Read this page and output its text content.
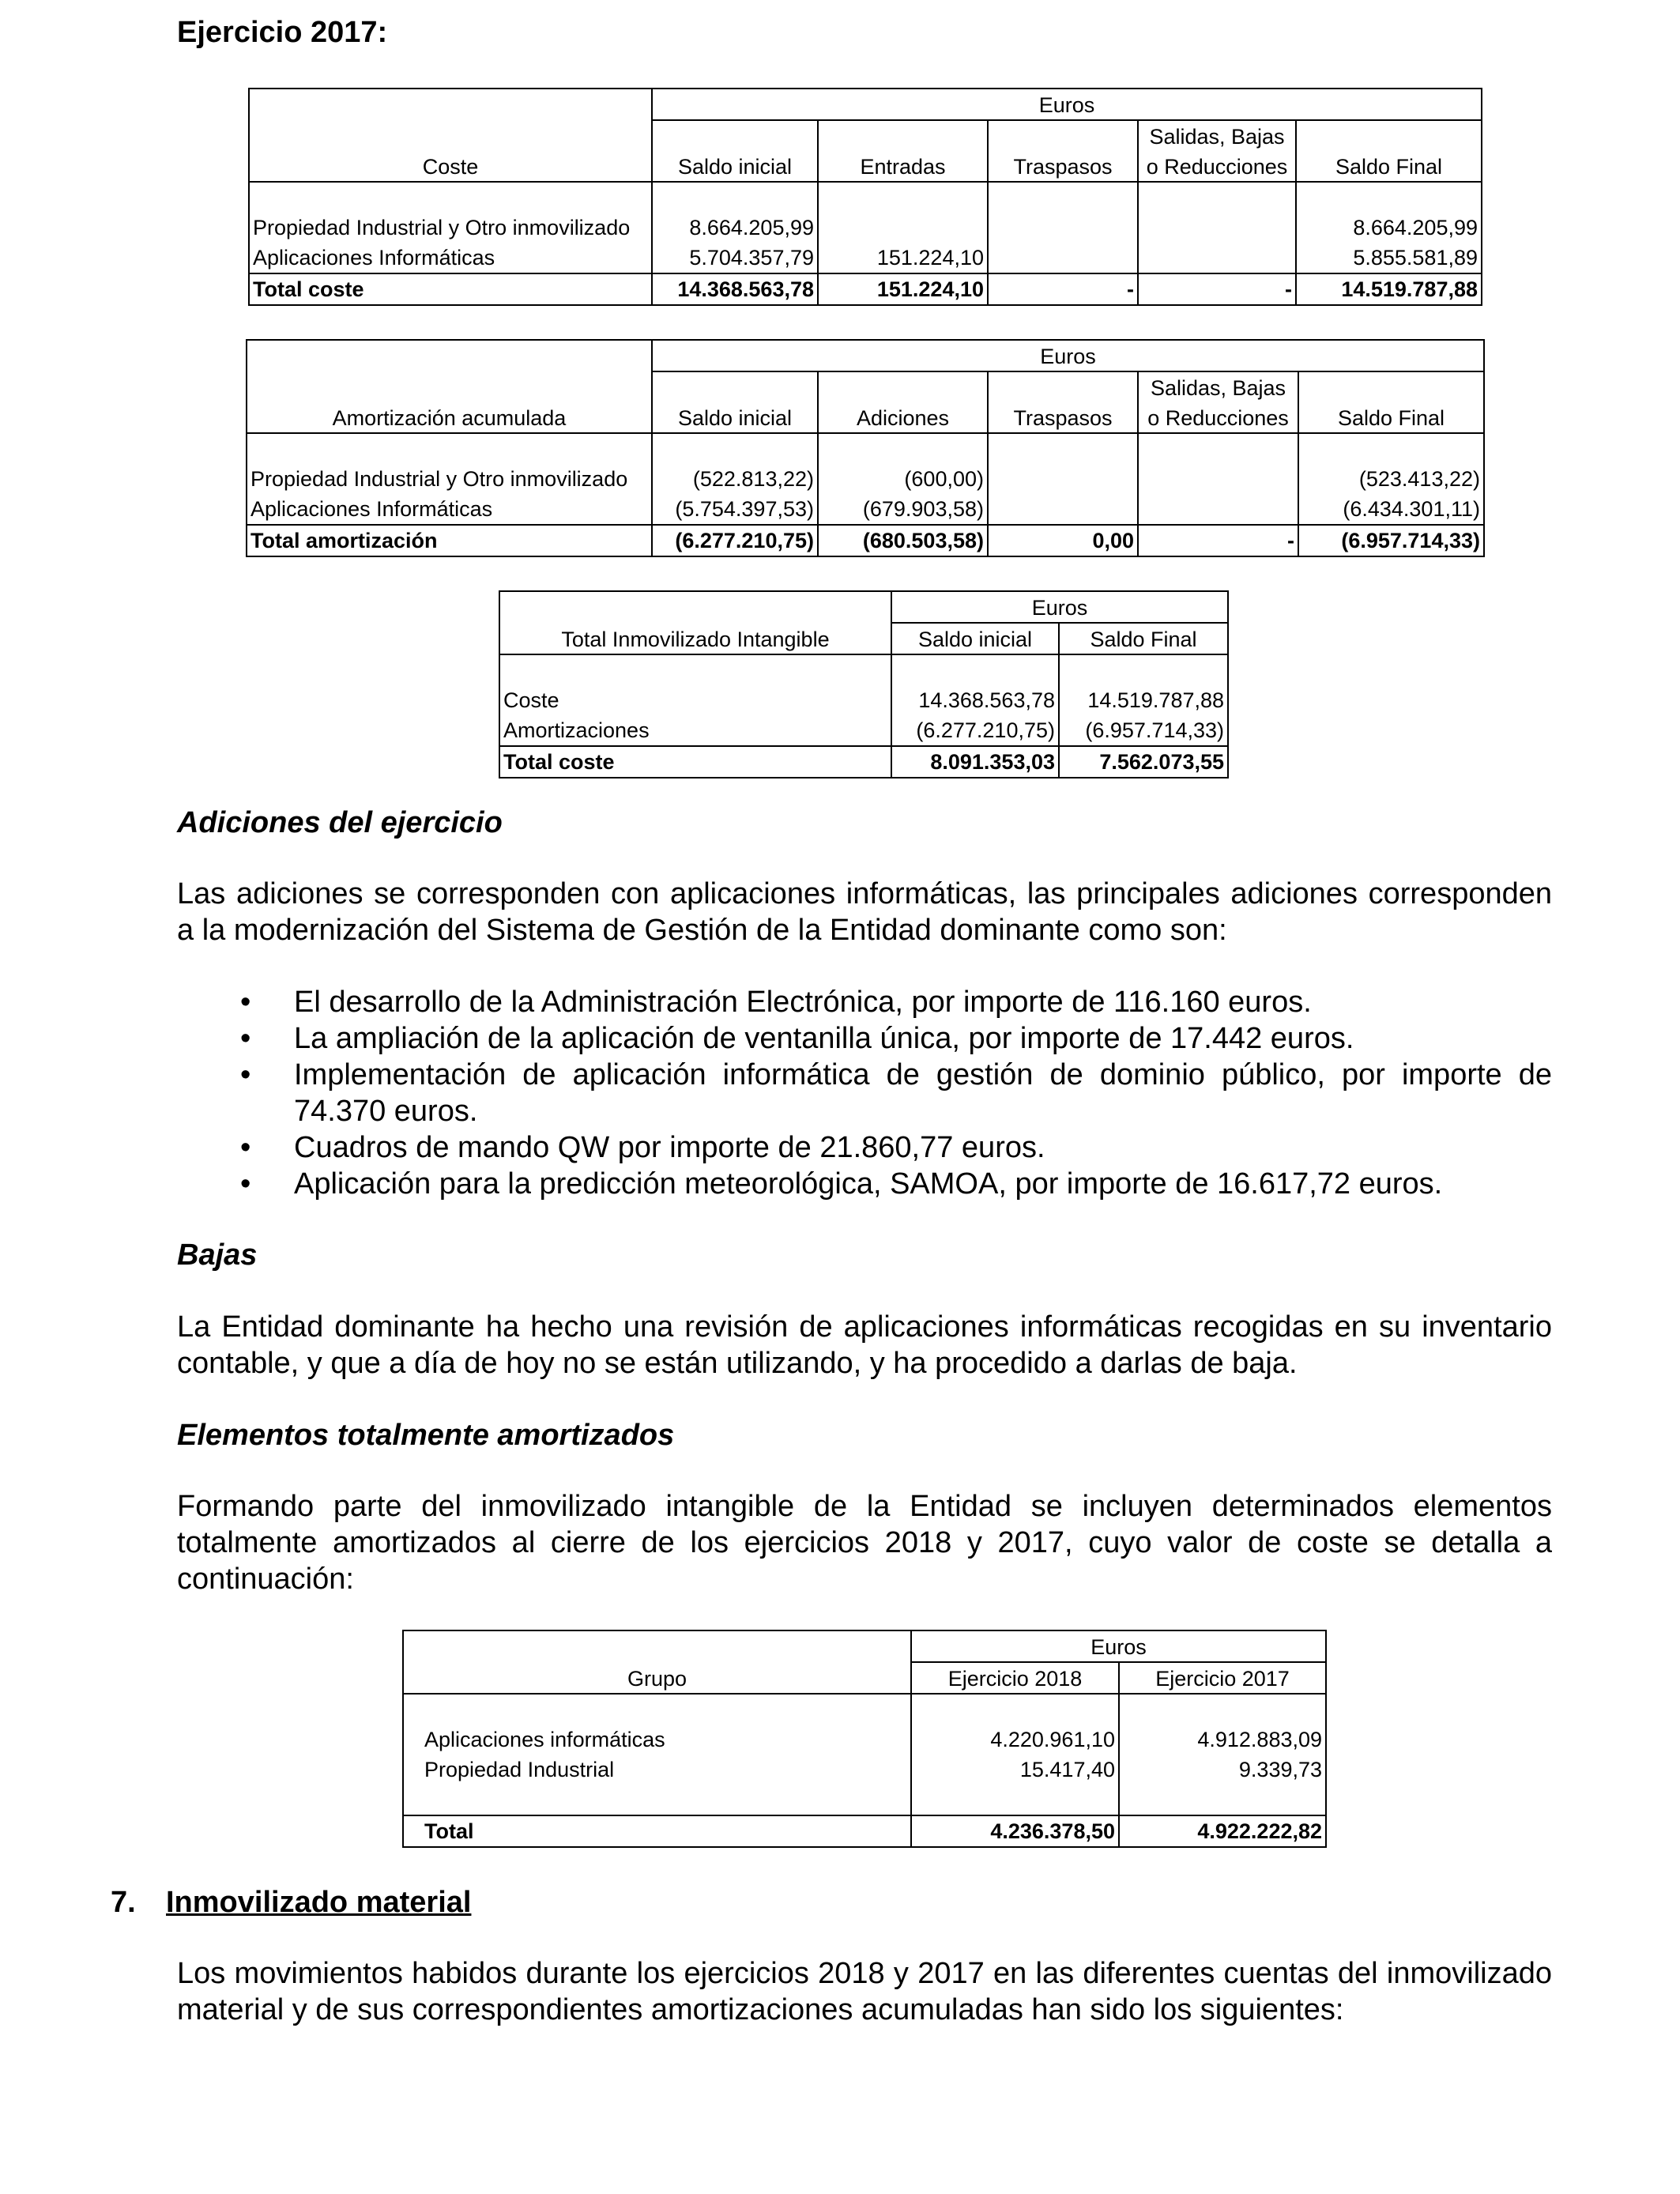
Ejercicio 2017:
Coste	Euros				
				Salidas, Bajas	
	Saldo inicial	Entradas	Traspasos	o Reducciones	Saldo Final

Propiedad Industrial y Otro inmovilizado	8.664.205,99				8.664.205,99
Aplicaciones Informáticas	5.704.357,79	151.224,10			5.855.581,89
Total coste	14.368.563,78	151.224,10	-	-	14.519.787,88
Amortización acumulada	Euros				
				Salidas, Bajas	
	Saldo inicial	Adiciones	Traspasos	o Reducciones	Saldo Final

Propiedad Industrial y Otro inmovilizado	(522.813,22)	(600,00)			(523.413,22)
Aplicaciones Informáticas	(5.754.397,53)	(679.903,58)			(6.434.301,11)
Total amortización	(6.277.210,75)	(680.503,58)	0,00	-	(6.957.714,33)
Total Inmovilizado Intangible	Euros	
	Saldo inicial	Saldo Final

Coste	14.368.563,78	14.519.787,88
Amortizaciones	(6.277.210,75)	(6.957.714,33)
Total coste	8.091.353,03	7.562.073,55
Adiciones del ejercicio
Las adiciones se corresponden con aplicaciones informáticas, las principales adiciones corresponden a la modernización del Sistema de Gestión de la Entidad dominante como son:
• El desarrollo de la Administración Electrónica, por importe de 116.160 euros.
• La ampliación de la aplicación de ventanilla única, por importe de 17.442 euros.
• Implementación de aplicación informática de gestión de dominio público, por importe de 74.370 euros.
• Cuadros de mando QW por importe de 21.860,77 euros.
• Aplicación para la predicción meteorológica, SAMOA, por importe de 16.617,72 euros.
Bajas
La Entidad dominante ha hecho una revisión de aplicaciones informáticas recogidas en su inventario contable, y que a día de hoy no se están utilizando, y ha procedido a darlas de baja.
Elementos totalmente amortizados
Formando parte del inmovilizado intangible de la Entidad se incluyen determinados elementos totalmente amortizados al cierre de los ejercicios 2018 y 2017, cuyo valor de coste se detalla a continuación:
Grupo	Euros	
	Ejercicio 2018	Ejercicio 2017

Aplicaciones informáticas	4.220.961,10	4.912.883,09
Propiedad Industrial	15.417,40	9.339,73

Total	4.236.378,50	4.922.222,82
7. Inmovilizado material
Los movimientos habidos durante los ejercicios 2018 y 2017 en las diferentes cuentas del inmovilizado material y de sus correspondientes amortizaciones acumuladas han sido los siguientes:
